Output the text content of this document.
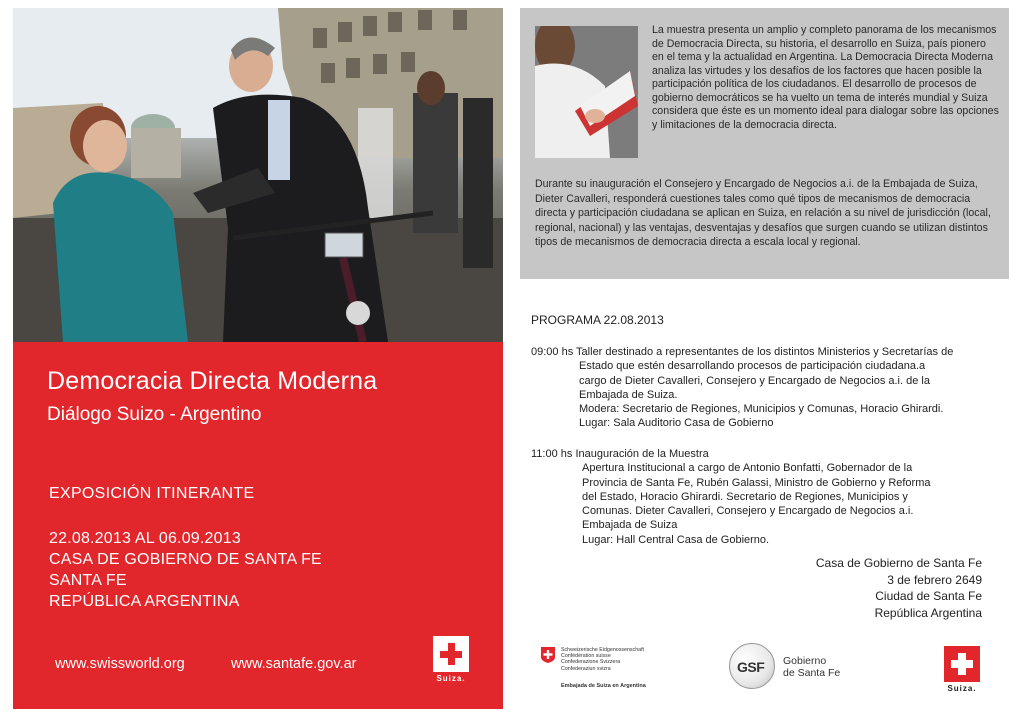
Democracia Directa Moderna
Diálogo Suizo - Argentino
EXPOSICIÓN ITINERANTE
22.08.2013 AL 06.09.2013
CASA DE GOBIERNO DE SANTA FE
SANTA FE
REPÚBLICA ARGENTINA
www.swissworld.org	www.santafe.gov.ar
Suiza.
La muestra presenta un amplio y completo panorama de los mecanismos de Democracia Directa, su historia, el desarrollo en Suiza, país pionero en el tema y la actualidad en Argentina. La Democracia Directa Moderna analiza las virtudes y los desafíos de los factores que hacen posible la participación política de los ciudadanos. El desarrollo de procesos de gobierno democráticos se ha vuelto un tema de interés mundial y Suiza considera que éste es un momento ideal para dialogar sobre las opciones y limitaciones de la democracia directa.
Durante su inauguración el Consejero y Encargado de Negocios a.i. de la Embajada de Suiza, Dieter Cavalleri, responderá cuestiones tales como qué tipos de mecanismos de democracia directa y participación ciudadana se aplican en Suiza, en relación a su nivel de jurisdicción (local, regional, nacional) y las ventajas, desventajas y desafíos que surgen cuando se utilizan distintos tipos de mecanismos de democracia directa a escala local y regional.
PROGRAMA 22.08.2013
09:00 hs Taller destinado a representantes de los distintos Ministerios y Secretarías de
Estado que estén desarrollando procesos de participación ciudadana.a
cargo de Dieter Cavalleri, Consejero y Encargado de Negocios a.i. de la
Embajada de Suiza.
Modera: Secretario de Regiones, Municipios y Comunas, Horacio Ghirardi.
Lugar: Sala Auditorio Casa de Gobierno
11:00 hs Inauguración de la Muestra
Apertura Institucional a cargo de Antonio Bonfatti, Gobernador de la
Provincia de Santa Fe, Rubén Galassi, Ministro de Gobierno y Reforma
del Estado, Horacio Ghirardi. Secretario de Regiones, Municipios y
Comunas. Dieter Cavalleri, Consejero y Encargado de Negocios a.i.
Embajada de Suiza
Lugar: Hall Central Casa de Gobierno.
Casa de Gobierno de Santa Fe
3 de febrero 2649
Ciudad de Santa Fe
República Argentina
Schweizerische Eidgenossenschaft
Confédération suisse
Confederazione Svizzera
Confederaziun svizra
Embajada de Suiza en Argentina
GSF Gobierno
de Santa Fe
Suiza.
